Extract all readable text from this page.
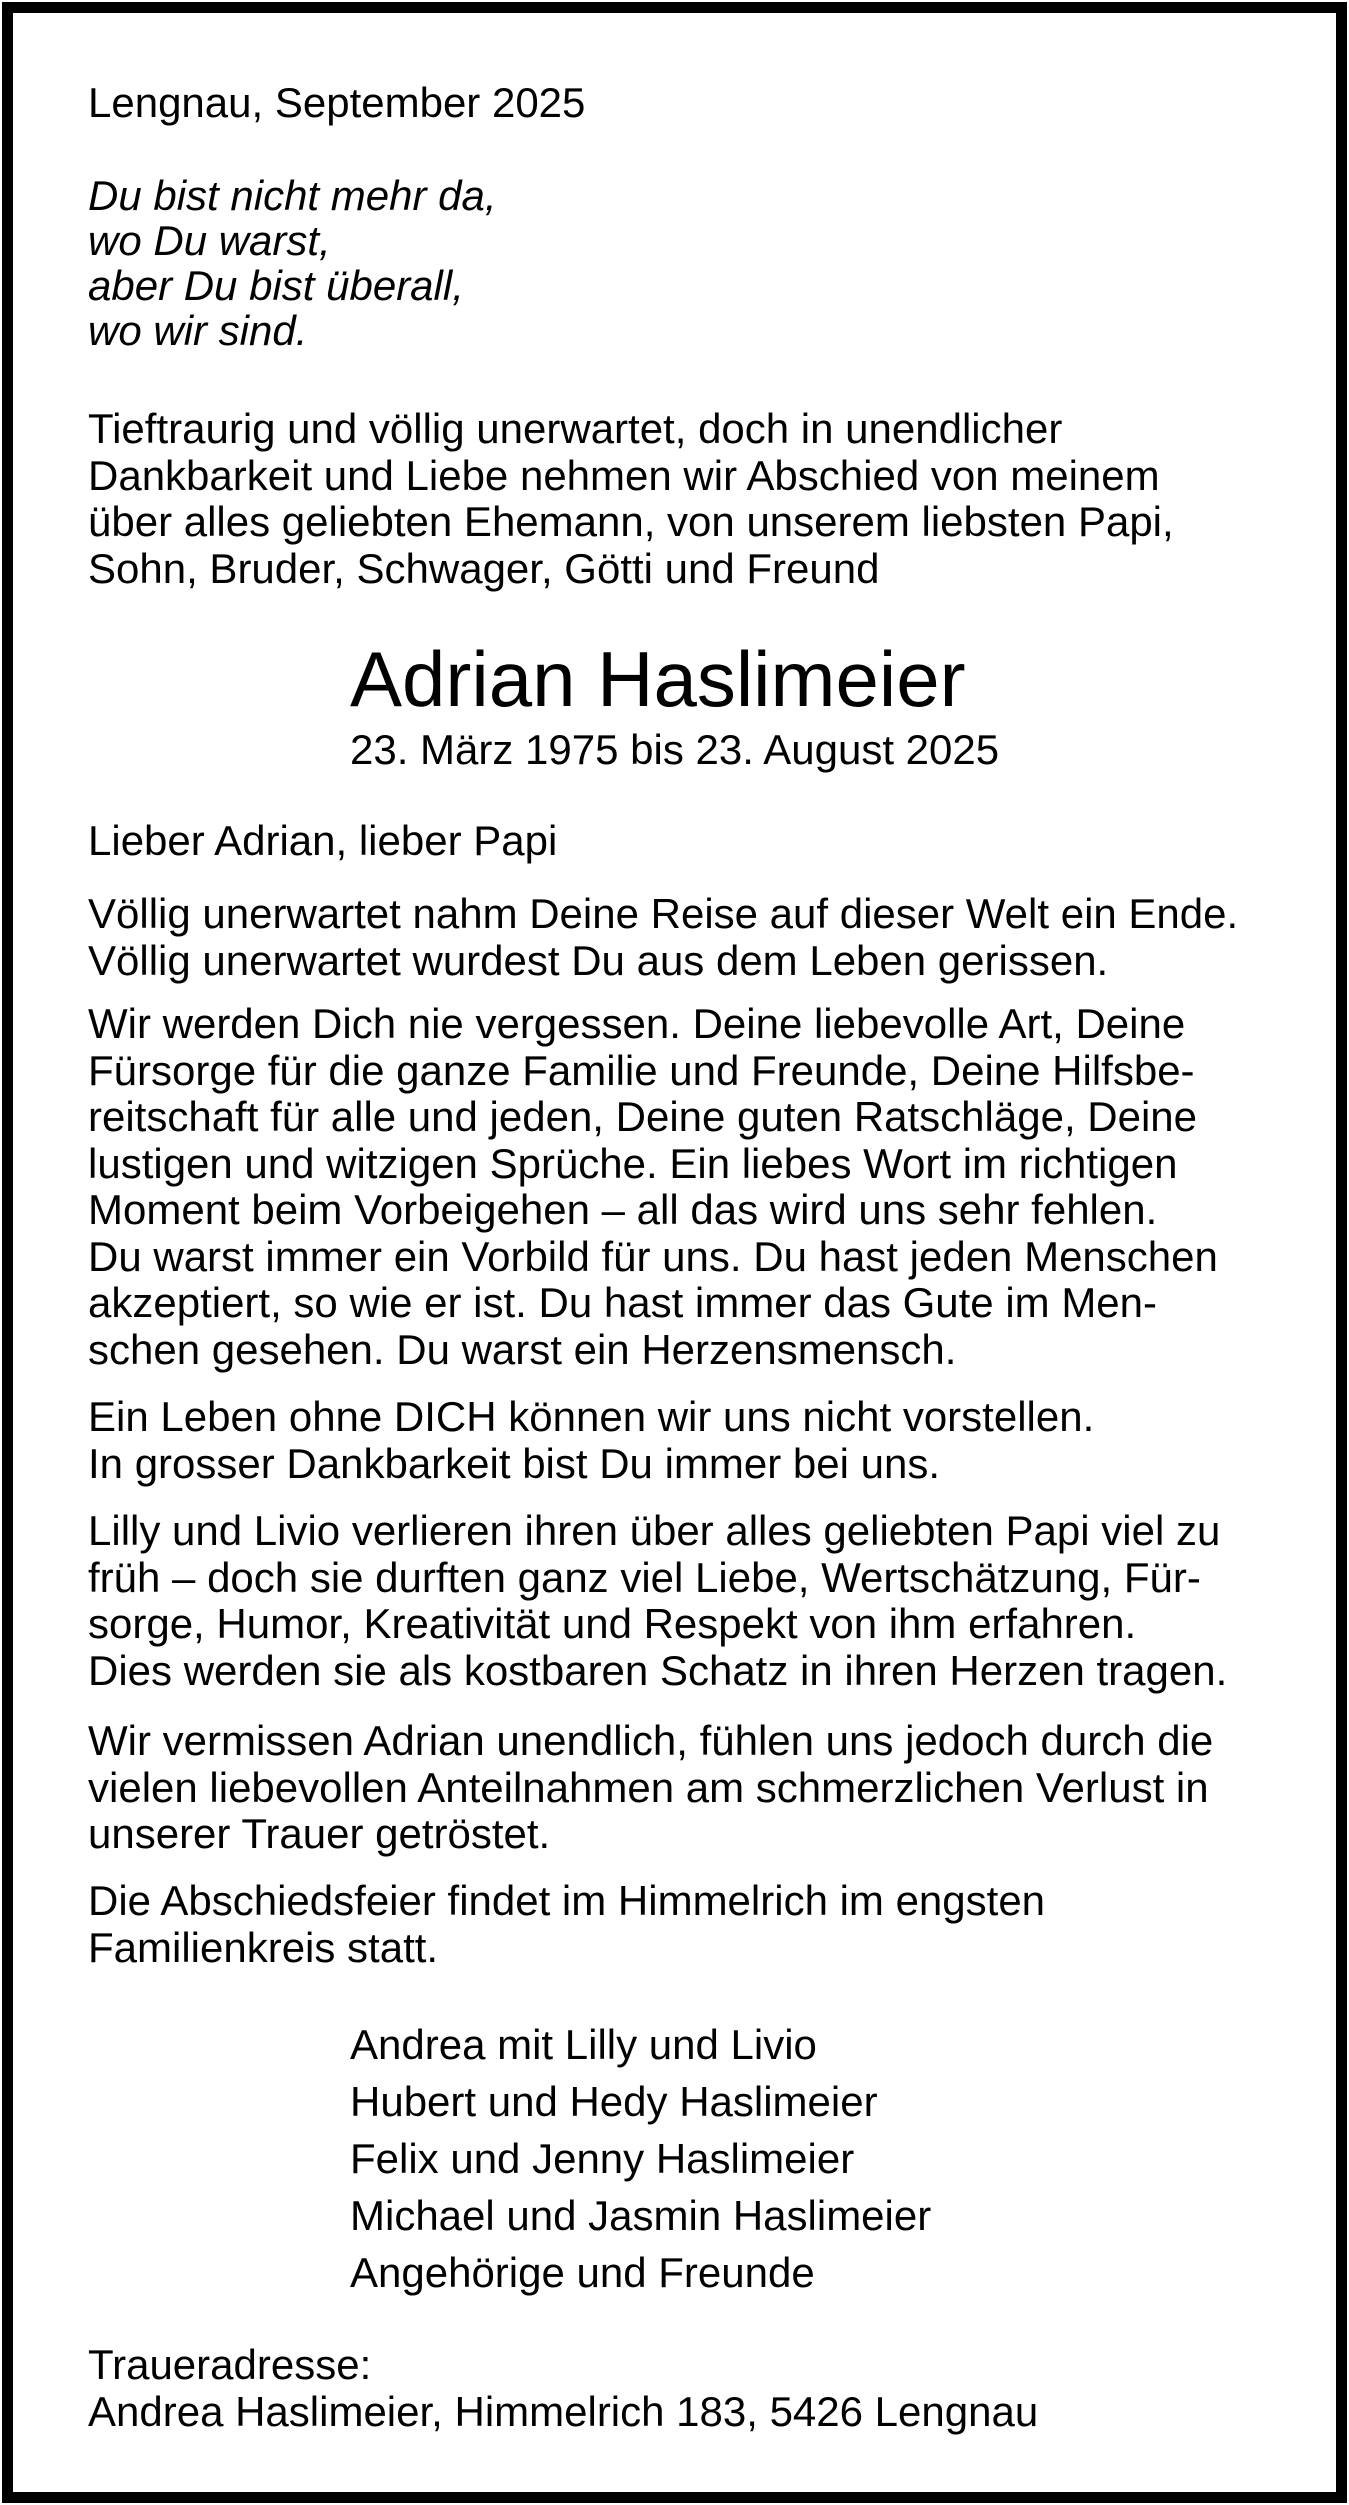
Lengnau, September 2025
Du bist nicht mehr da,
wo Du warst,
aber Du bist überall,
wo wir sind.
Tieftraurig und völlig unerwartet, doch in unendlicher
Dankbarkeit und Liebe nehmen wir Abschied von meinem
über alles geliebten Ehemann, von unserem liebsten Papi,
Sohn, Bruder, Schwager, Götti und Freund
Adrian Haslimeier
23. März 1975 bis 23. August 2025
Lieber Adrian, lieber Papi
Völlig unerwartet nahm Deine Reise auf dieser Welt ein Ende.
Völlig unerwartet wurdest Du aus dem Leben gerissen.
Wir werden Dich nie vergessen. Deine liebevolle Art, Deine
Fürsorge für die ganze Familie und Freunde, Deine Hilfsbe-
reitschaft für alle und jeden, Deine guten Ratschläge, Deine
lustigen und witzigen Sprüche. Ein liebes Wort im richtigen
Moment beim Vorbeigehen – all das wird uns sehr fehlen.
Du warst immer ein Vorbild für uns. Du hast jeden Menschen
akzeptiert, so wie er ist. Du hast immer das Gute im Men-
schen gesehen. Du warst ein Herzensmensch.
Ein Leben ohne DICH können wir uns nicht vorstellen.
In grosser Dankbarkeit bist Du immer bei uns.
Lilly und Livio verlieren ihren über alles geliebten Papi viel zu
früh – doch sie durften ganz viel Liebe, Wertschätzung, Für-
sorge, Humor, Kreativität und Respekt von ihm erfahren.
Dies werden sie als kostbaren Schatz in ihren Herzen tragen.
Wir vermissen Adrian unendlich, fühlen uns jedoch durch die
vielen liebevollen Anteilnahmen am schmerzlichen Verlust in
unserer Trauer getröstet.
Die Abschiedsfeier findet im Himmelrich im engsten
Familienkreis statt.
Andrea mit Lilly und Livio
Hubert und Hedy Haslimeier
Felix und Jenny Haslimeier
Michael und Jasmin Haslimeier
Angehörige und Freunde
Traueradresse:
Andrea Haslimeier, Himmelrich 183, 5426 Lengnau
